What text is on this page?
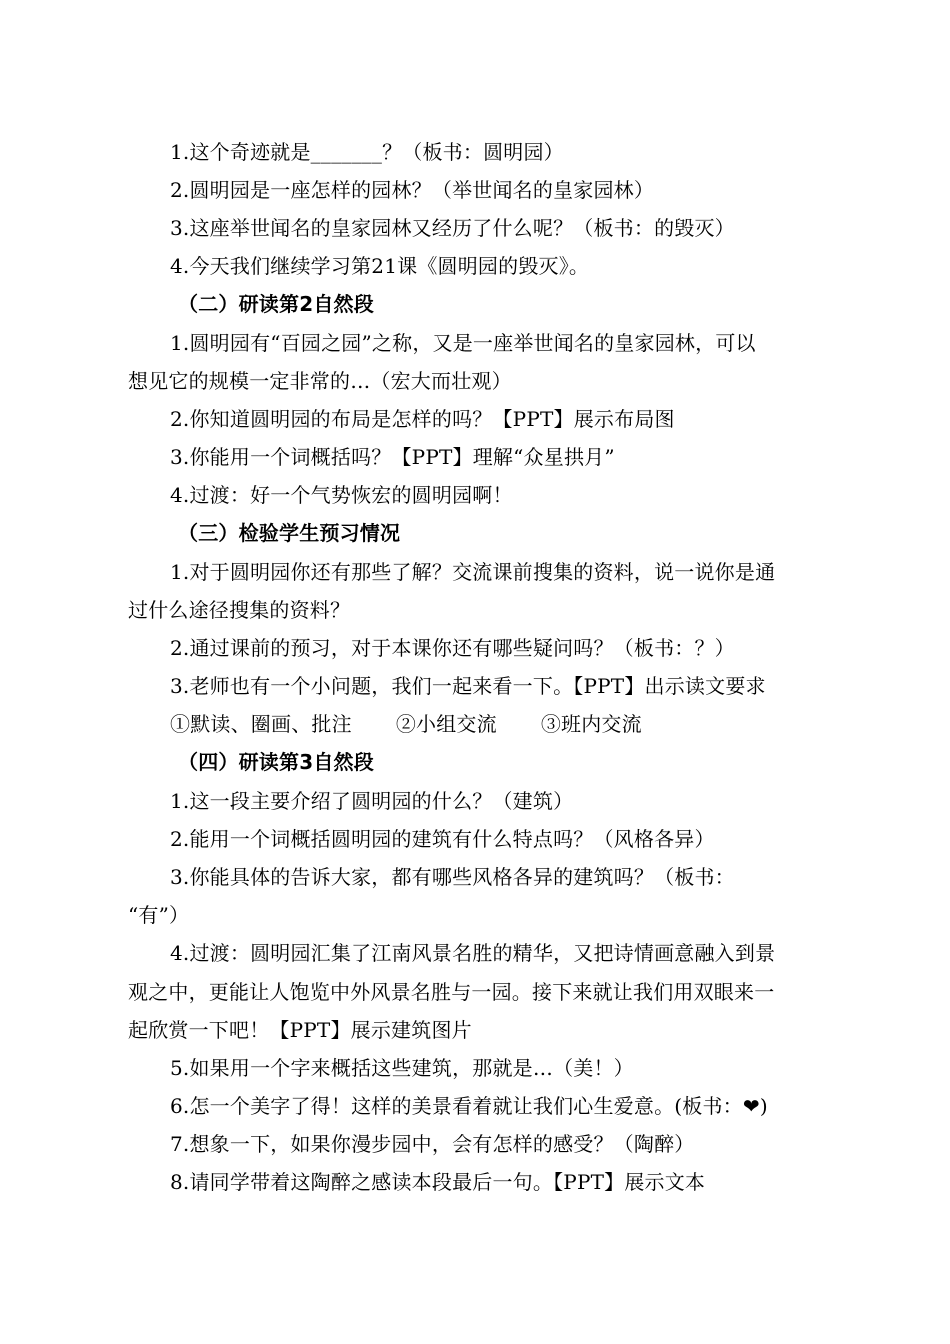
1.这个奇迹就是_______？（板书：圆明园）
2.圆明园是一座怎样的园林？（举世闻名的皇家园林）
3.这座举世闻名的皇家园林又经历了什么呢？（板书：的毁灭）
4.今天我们继续学习第21课《圆明园的毁灭》。
（二）研读第2自然段
1.圆明园有“百园之园”之称，又是一座举世闻名的皇家园林，可以
想见它的规模一定非常的…（宏大而壮观）
2.你知道圆明园的布局是怎样的吗？【PPT】展示布局图
3.你能用一个词概括吗？【PPT】理解“众星拱月”
4.过渡：好一个气势恢宏的圆明园啊！
（三）检验学生预习情况
1.对于圆明园你还有那些了解？交流课前搜集的资料，说一说你是通
过什么途径搜集的资料？
2.通过课前的预习，对于本课你还有哪些疑问吗？（板书：？）
3.老师也有一个小问题，我们一起来看一下。【PPT】出示读文要求
①默读、圈画、批注 ②小组交流 ③班内交流
（四）研读第3自然段
1.这一段主要介绍了圆明园的什么？（建筑）
2.能用一个词概括圆明园的建筑有什么特点吗？（风格各异）
3.你能具体的告诉大家，都有哪些风格各异的建筑吗？（板书：
“有”）
4.过渡：圆明园汇集了江南风景名胜的精华，又把诗情画意融入到景
观之中，更能让人饱览中外风景名胜与一园。接下来就让我们用双眼来一
起欣赏一下吧！【PPT】展示建筑图片
5.如果用一个字来概括这些建筑，那就是…（美！）
6.怎一个美字了得！这样的美景看着就让我们心生爱意。(板书：❤)
7.想象一下，如果你漫步园中，会有怎样的感受？（陶醉）
8.请同学带着这陶醉之感读本段最后一句。【PPT】展示文本
